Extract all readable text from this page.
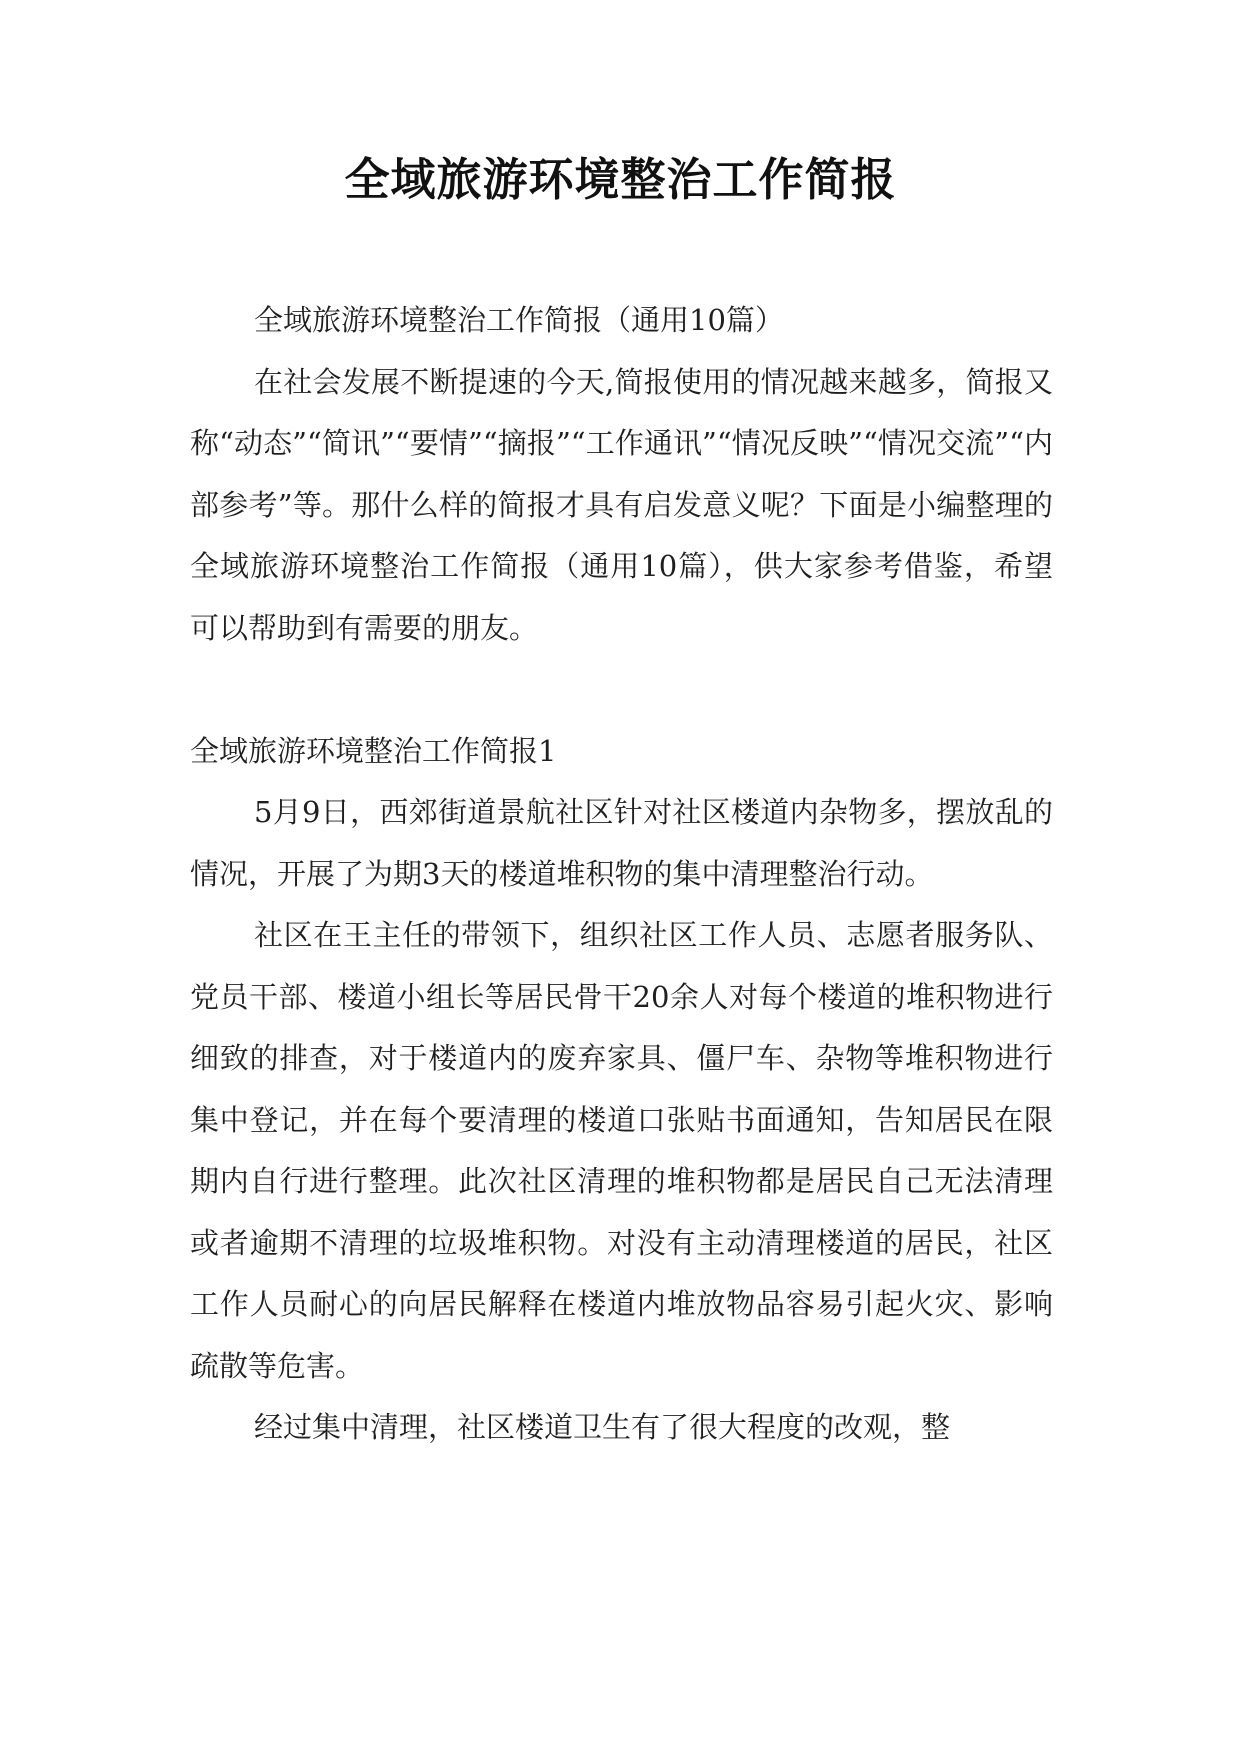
全域旅游环境整治工作简报

全域旅游环境整治工作简报（通用10篇）

在社会发展不断提速的今天,简报使用的情况越来越多，简报又称“动态”“简讯”“要情”“摘报”“工作通讯”“情况反映”“情况交流”“内部参考”等。那什么样的简报才具有启发意义呢？下面是小编整理的全域旅游环境整治工作简报（通用10篇），供大家参考借鉴，希望可以帮助到有需要的朋友。

全域旅游环境整治工作简报1

5月9日，西郊街道景航社区针对社区楼道内杂物多，摆放乱的情况，开展了为期3天的楼道堆积物的集中清理整治行动。

社区在王主任的带领下，组织社区工作人员、志愿者服务队、党员干部、楼道小组长等居民骨干20余人对每个楼道的堆积物进行细致的排查，对于楼道内的废弃家具、僵尸车、杂物等堆积物进行集中登记，并在每个要清理的楼道口张贴书面通知，告知居民在限期内自行进行整理。此次社区清理的堆积物都是居民自己无法清理或者逾期不清理的垃圾堆积物。对没有主动清理楼道的居民，社区工作人员耐心的向居民解释在楼道内堆放物品容易引起火灾、影响疏散等危害。

经过集中清理，社区楼道卫生有了很大程度的改观，整
